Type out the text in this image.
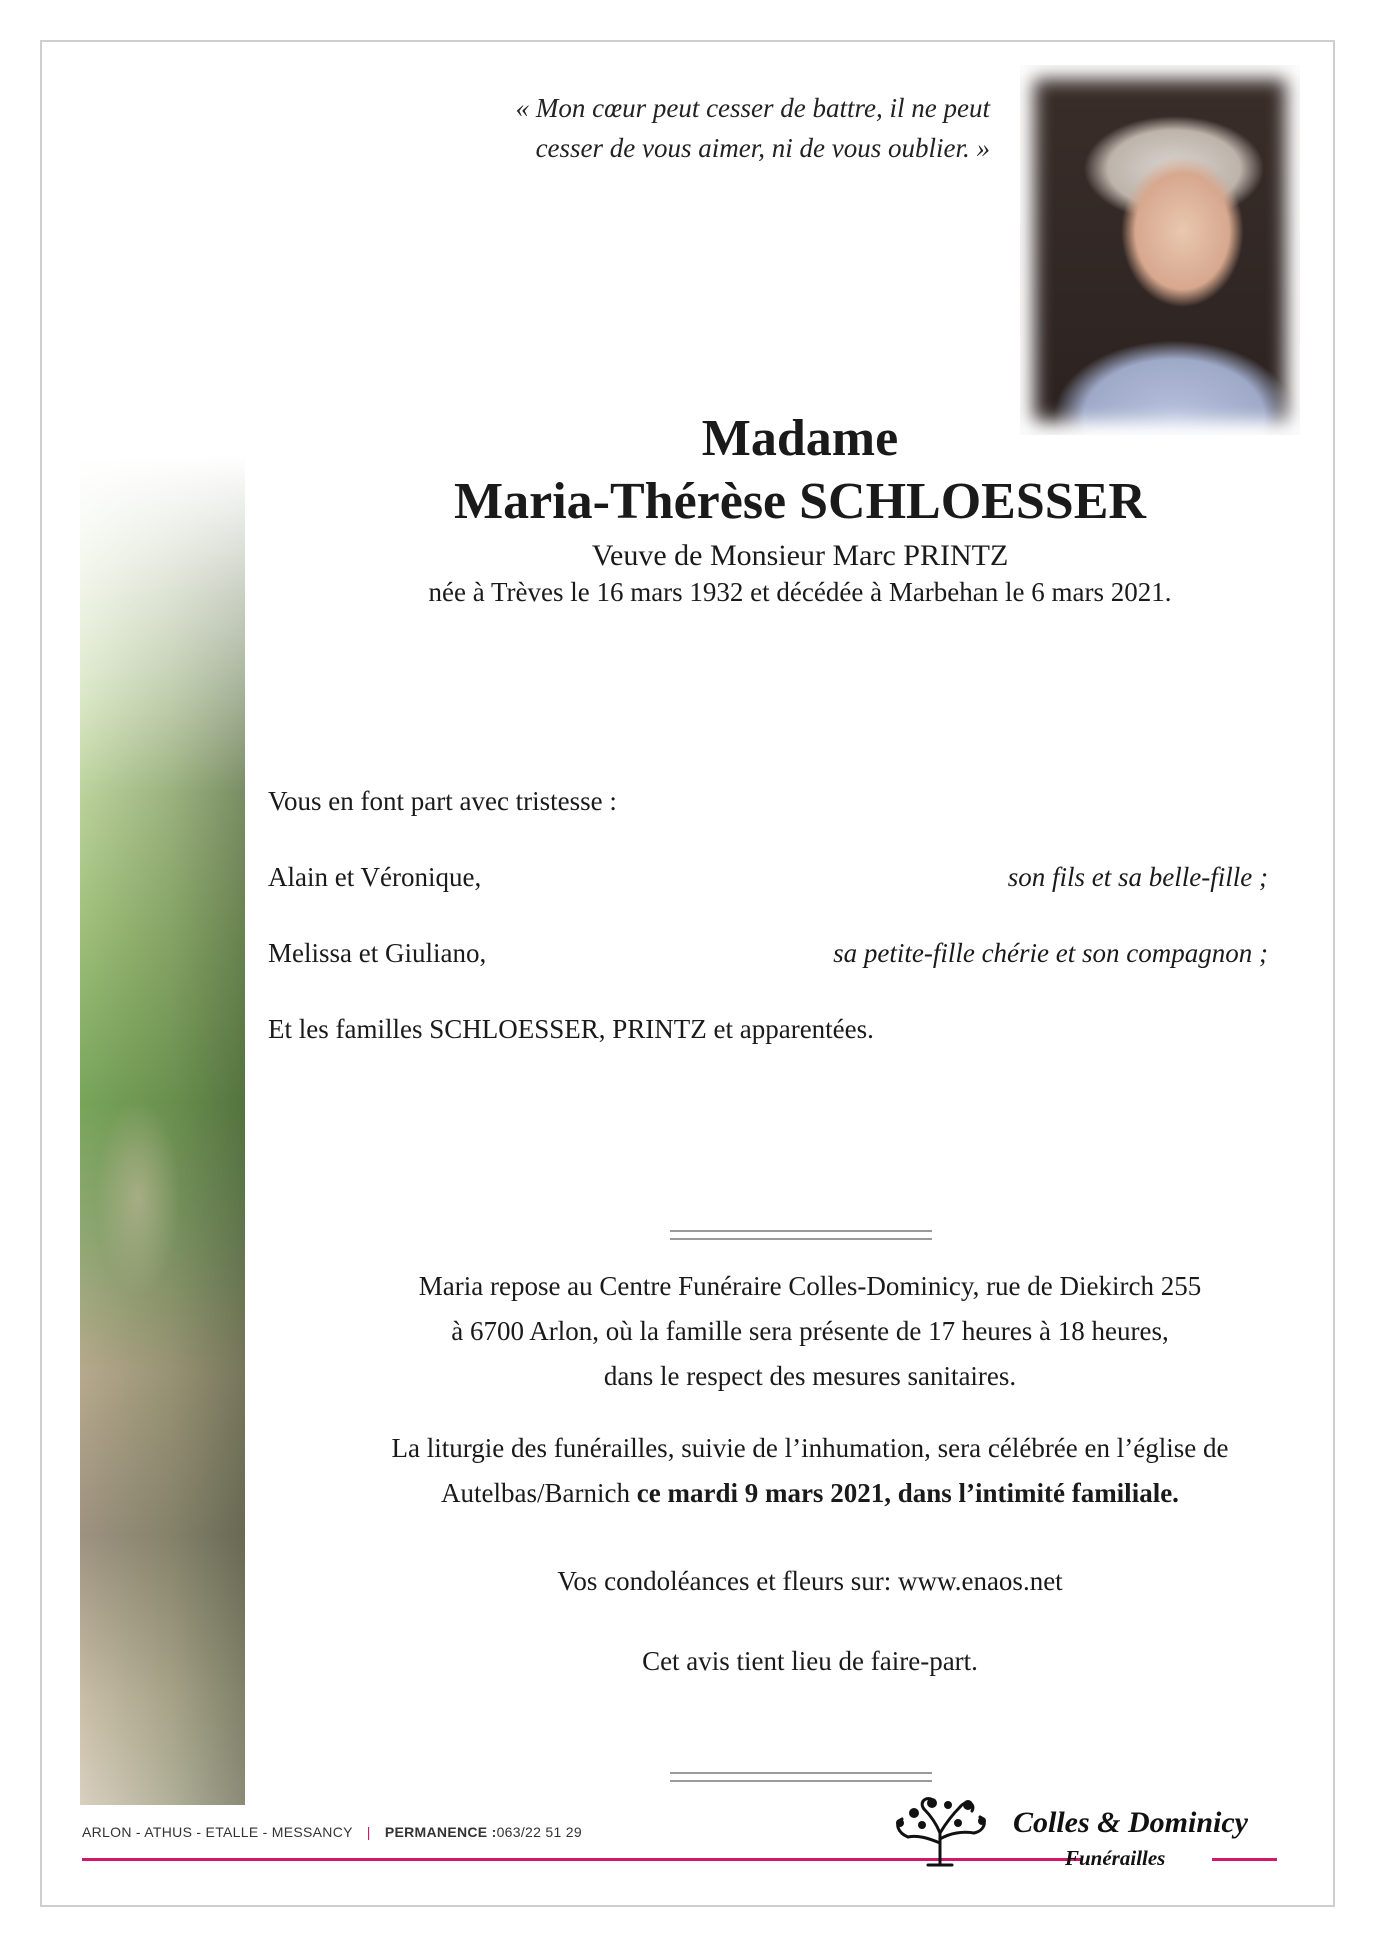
« Mon cœur peut cesser de battre, il ne peut
cesser de vous aimer, ni de vous oublier. »
Madame
Maria-Thérèse SCHLOESSER
Veuve de Monsieur Marc PRINTZ
née à Trèves le 16 mars 1932 et décédée à Marbehan le 6 mars 2021.
Vous en font part avec tristesse :
Alain et Véronique,	son fils et sa belle-fille ;
Melissa et Giuliano,	sa petite-fille chérie et son compagnon ;
Et les familles SCHLOESSER, PRINTZ et apparentées.

Maria repose au Centre Funéraire Colles-Dominicy, rue de Diekirch 255

à 6700 Arlon, où la famille sera présente de 17 heures à 18 heures,

dans le respect des mesures sanitaires.

La liturgie des funérailles, suivie de l’inhumation, sera célébrée en l’église de

Autelbas/Barnich ce mardi 9 mars 2021, dans l’intimité familiale.

Vos condoléances et fleurs sur: www.enaos.net
Cet avis tient lieu de faire-part.
ARLON - ATHUS - ETALLE - MESSANCY | PERMANENCE :063/22 51 29	Colles & Dominicy
Funérailles
